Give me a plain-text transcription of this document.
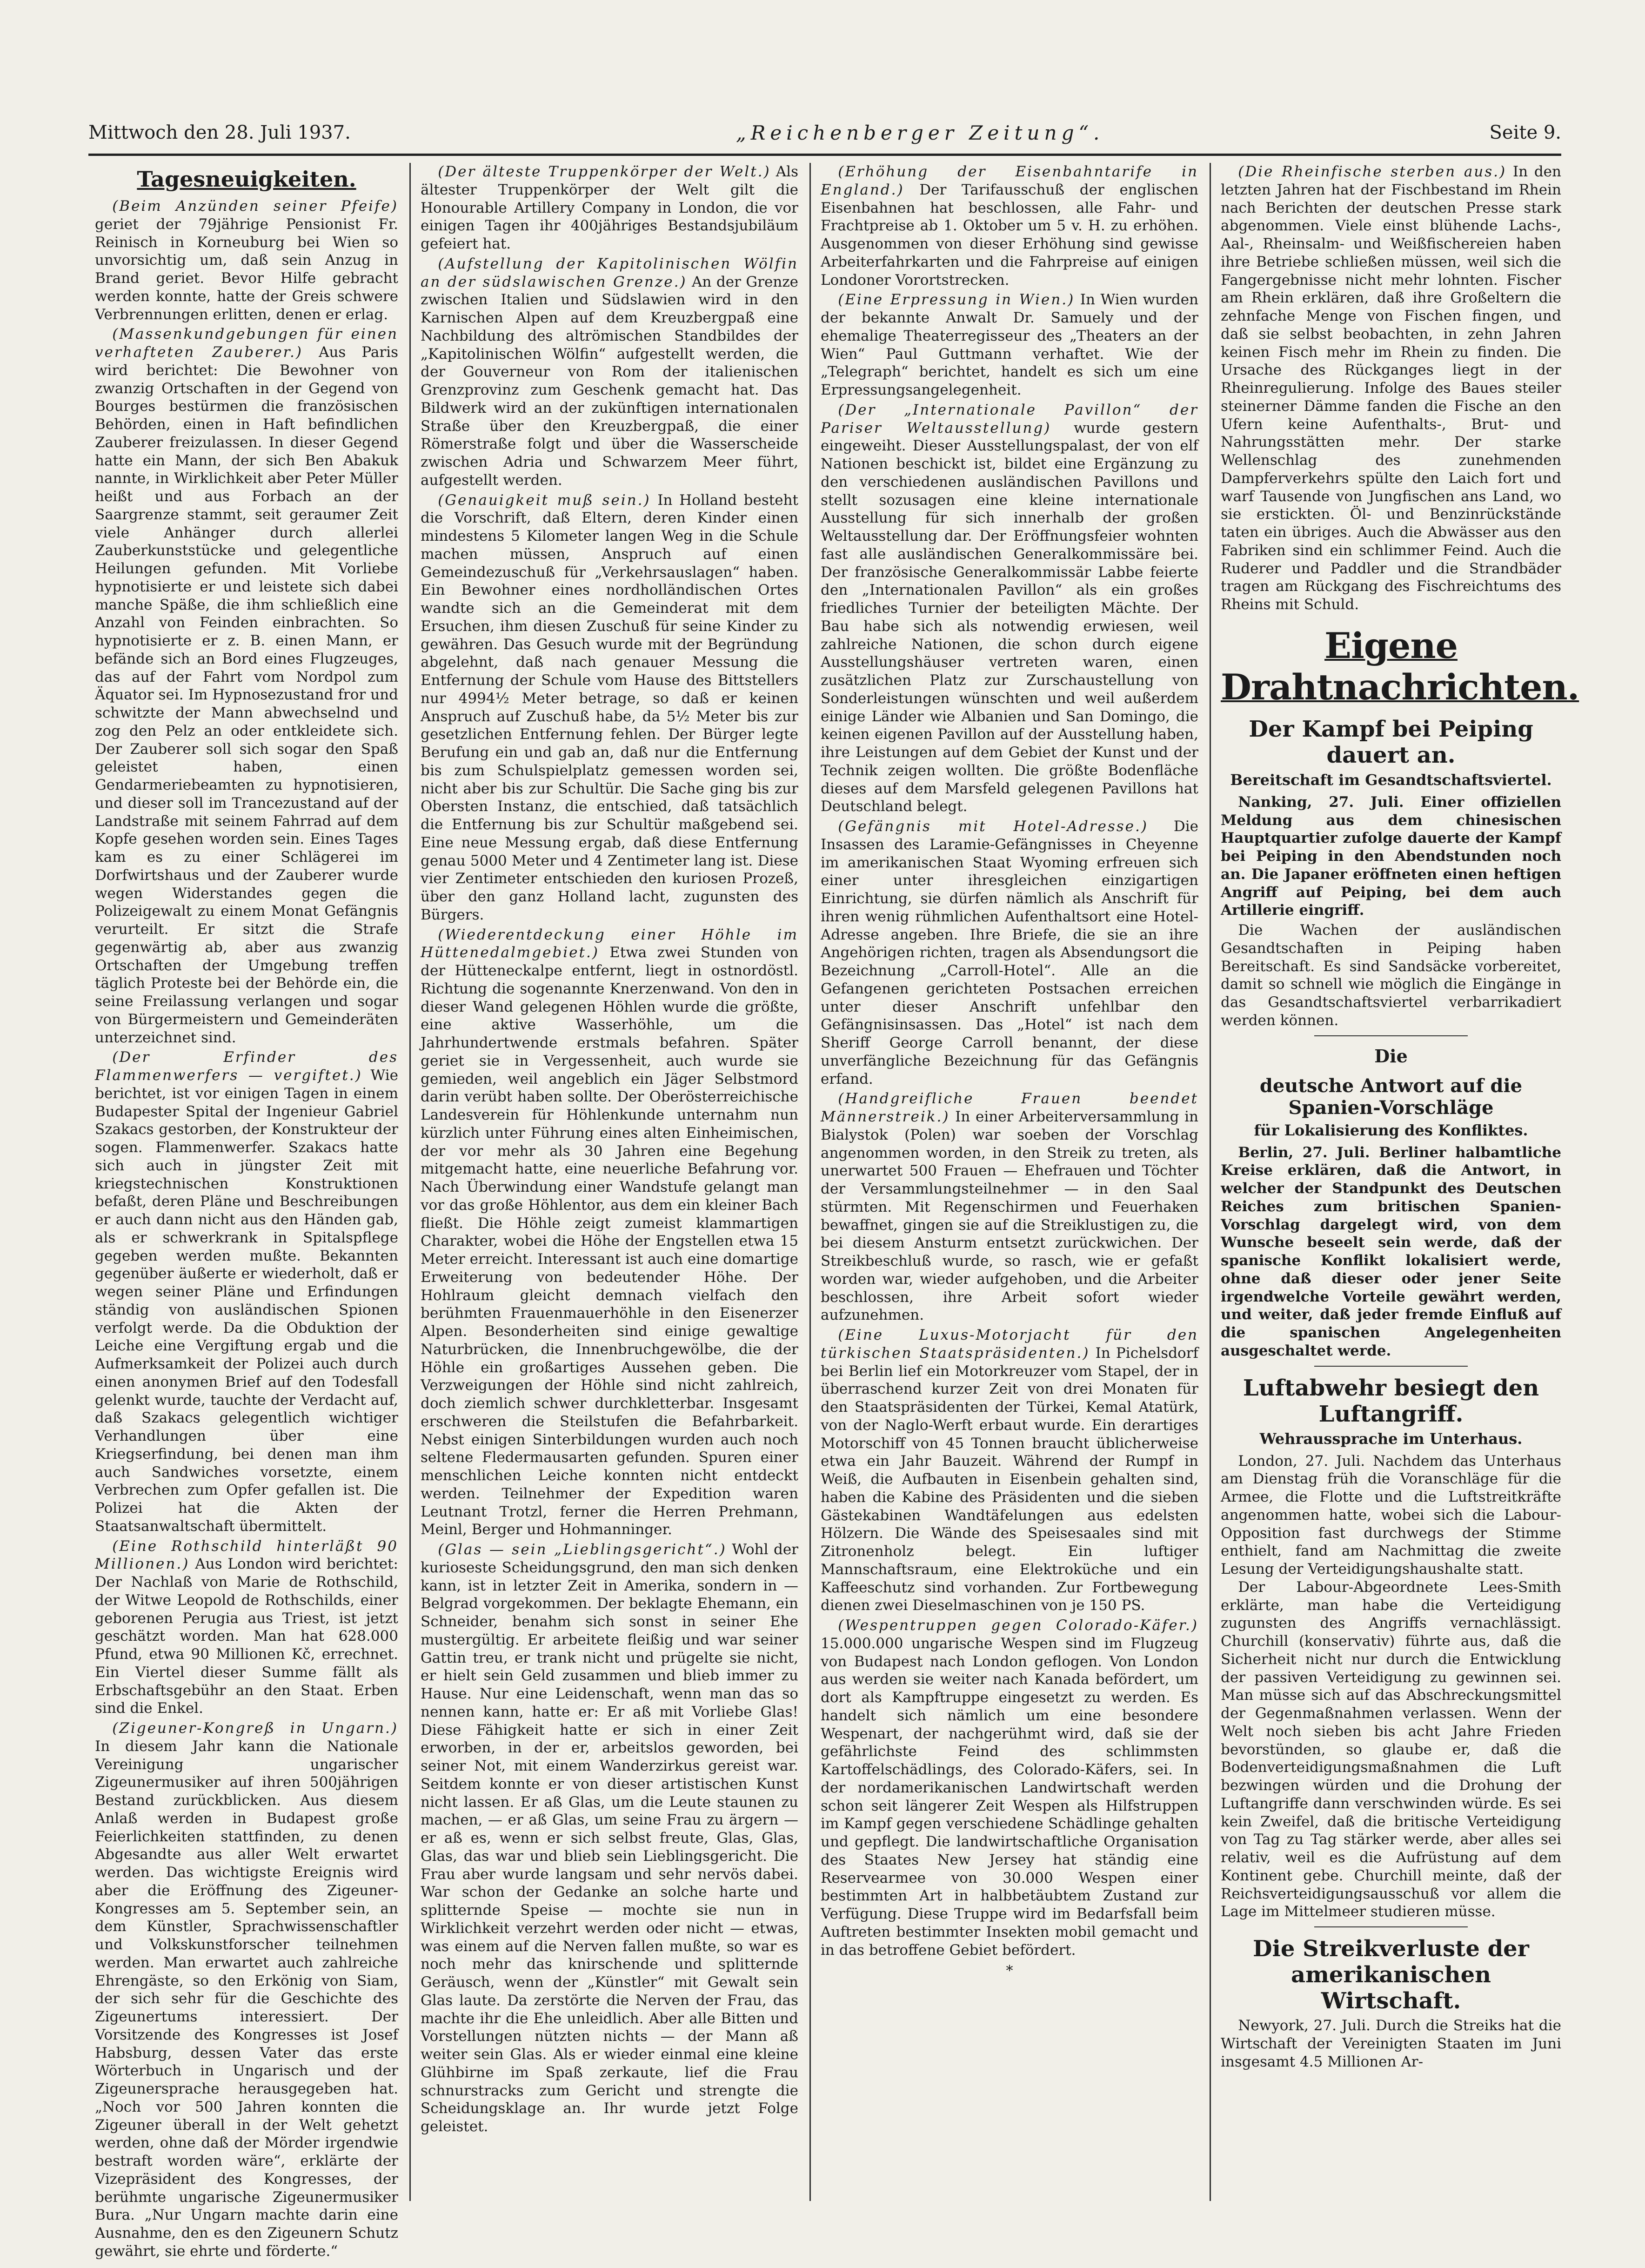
Mittwoch den 28. Juli 1937.	„Reichenberger Zeitung“.	Seite 9.
Tagesneuigkeiten.

(Beim Anzünden seiner Pfeife) geriet der 79jährige Pensionist Fr. Reinisch in Korneuburg bei Wien so unvorsichtig um, daß sein Anzug in Brand geriet. Bevor Hilfe gebracht werden konnte, hatte der Greis schwere Verbrennungen erlitten, denen er erlag.

(Massenkundgebungen für einen verhafteten Zauberer.) Aus Paris wird berichtet: Die Bewohner von zwanzig Ortschaften in der Gegend von Bourges bestürmen die französischen Behörden, einen in Haft befindlichen Zauberer freizulassen. In dieser Gegend hatte ein Mann, der sich Ben Abakuk nannte, in Wirklichkeit aber Peter Müller heißt und aus Forbach an der Saargrenze stammt, seit geraumer Zeit viele Anhänger durch allerlei Zauberkunststücke und gelegentliche Heilungen gefunden. Mit Vorliebe hypnotisierte er und leistete sich dabei manche Späße, die ihm schließlich eine Anzahl von Feinden einbrachten. So hypnotisierte er z. B. einen Mann, er befände sich an Bord eines Flugzeuges, das auf der Fahrt vom Nordpol zum Äquator sei. Im Hypnosezustand fror und schwitzte der Mann abwechselnd und zog den Pelz an oder entkleidete sich. Der Zauberer soll sich sogar den Spaß geleistet haben, einen Gendarmeriebeamten zu hypnotisieren, und dieser soll im Trancezustand auf der Landstraße mit seinem Fahrrad auf dem Kopfe gesehen worden sein. Eines Tages kam es zu einer Schlägerei im Dorfwirtshaus und der Zauberer wurde wegen Widerstandes gegen die Polizeigewalt zu einem Monat Gefängnis verurteilt. Er sitzt die Strafe gegenwärtig ab, aber aus zwanzig Ortschaften der Umgebung treffen täglich Proteste bei der Behörde ein, die seine Freilassung verlangen und sogar von Bürgermeistern und Gemeinderäten unterzeichnet sind.

(Der Erfinder des Flammenwerfers — vergiftet.) Wie berichtet, ist vor einigen Tagen in einem Budapester Spital der Ingenieur Gabriel Szakacs gestorben, der Konstrukteur der sogen. Flammenwerfer. Szakacs hatte sich auch in jüngster Zeit mit kriegstechnischen Konstruktionen befaßt, deren Pläne und Beschreibungen er auch dann nicht aus den Händen gab, als er schwerkrank in Spitalspflege gegeben werden mußte. Bekannten gegenüber äußerte er wiederholt, daß er wegen seiner Pläne und Erfindungen ständig von ausländischen Spionen verfolgt werde. Da die Obduktion der Leiche eine Vergiftung ergab und die Aufmerksamkeit der Polizei auch durch einen anonymen Brief auf den Todesfall gelenkt wurde, tauchte der Verdacht auf, daß Szakacs gelegentlich wichtiger Verhandlungen über eine Kriegserfindung, bei denen man ihm auch Sandwiches vorsetzte, einem Verbrechen zum Opfer gefallen ist. Die Polizei hat die Akten der Staatsanwaltschaft übermittelt.

(Eine Rothschild hinterläßt 90 Millionen.) Aus London wird berichtet: Der Nachlaß von Marie de Rothschild, der Witwe Leopold de Rothschilds, einer geborenen Perugia aus Triest, ist jetzt geschätzt worden. Man hat 628.000 Pfund, etwa 90 Millionen Kč, errechnet. Ein Viertel dieser Summe fällt als Erbschaftsgebühr an den Staat. Erben sind die Enkel.

(Zigeuner-Kongreß in Ungarn.) In diesem Jahr kann die Nationale Vereinigung ungarischer Zigeunermusiker auf ihren 500jährigen Bestand zurückblicken. Aus diesem Anlaß werden in Budapest große Feierlichkeiten stattfinden, zu denen Abgesandte aus aller Welt erwartet werden. Das wichtigste Ereignis wird aber die Eröffnung des Zigeuner-Kongresses am 5. September sein, an dem Künstler, Sprachwissenschaftler und Volkskunstforscher teilnehmen werden. Man erwartet auch zahlreiche Ehrengäste, so den Erkönig von Siam, der sich sehr für die Geschichte des Zigeunertums interessiert. Der Vorsitzende des Kongresses ist Josef Habsburg, dessen Vater das erste Wörterbuch in Ungarisch und der Zigeunersprache herausgegeben hat. „Noch vor 500 Jahren konnten die Zigeuner überall in der Welt gehetzt werden, ohne daß der Mörder irgendwie bestraft worden wäre“, erklärte der Vizepräsident des Kongresses, der berühmte ungarische Zigeunermusiker Bura. „Nur Ungarn machte darin eine Ausnahme, den es den Zigeunern Schutz gewährt, sie ehrte und förderte.“

(Der älteste Truppenkörper der Welt.) Als ältester Truppenkörper der Welt gilt die Honourable Artillery Company in London, die vor einigen Tagen ihr 400jähriges Bestandsjubiläum gefeiert hat.

(Aufstellung der Kapitolinischen Wölfin an der südslawischen Grenze.) An der Grenze zwischen Italien und Südslawien wird in den Karnischen Alpen auf dem Kreuzbergpaß eine Nachbildung des altrömischen Standbildes der „Kapitolinischen Wölfin“ aufgestellt werden, die der Gouverneur von Rom der italienischen Grenzprovinz zum Geschenk gemacht hat. Das Bildwerk wird an der zukünftigen internationalen Straße über den Kreuzbergpaß, die einer Römerstraße folgt und über die Wasserscheide zwischen Adria und Schwarzem Meer führt, aufgestellt werden.

(Genauigkeit muß sein.) In Holland besteht die Vorschrift, daß Eltern, deren Kinder einen mindestens 5 Kilometer langen Weg in die Schule machen müssen, Anspruch auf einen Gemeindezuschuß für „Verkehrsauslagen“ haben. Ein Bewohner eines nordholländischen Ortes wandte sich an die Gemeinderat mit dem Ersuchen, ihm diesen Zuschuß für seine Kinder zu gewähren. Das Gesuch wurde mit der Begründung abgelehnt, daß nach genauer Messung die Entfernung der Schule vom Hause des Bittstellers nur 4994½ Meter betrage, so daß er keinen Anspruch auf Zuschuß habe, da 5½ Meter bis zur gesetzlichen Entfernung fehlen. Der Bürger legte Berufung ein und gab an, daß nur die Entfernung bis zum Schulspielplatz gemessen worden sei, nicht aber bis zur Schultür. Die Sache ging bis zur Obersten Instanz, die entschied, daß tatsächlich die Entfernung bis zur Schultür maßgebend sei. Eine neue Messung ergab, daß diese Entfernung genau 5000 Meter und 4 Zentimeter lang ist. Diese vier Zentimeter entschieden den kuriosen Prozeß, über den ganz Holland lacht, zugunsten des Bürgers.

(Wiederentdeckung einer Höhle im Hüttenedalmgebiet.) Etwa zwei Stunden von der Hütteneckalpe entfernt, liegt in ostnordöstl. Richtung die sogenannte Knerzenwand. Von den in dieser Wand gelegenen Höhlen wurde die größte, eine aktive Wasserhöhle, um die Jahrhundertwende erstmals befahren. Später geriet sie in Vergessenheit, auch wurde sie gemieden, weil angeblich ein Jäger Selbstmord darin verübt haben sollte. Der Oberösterreichische Landesverein für Höhlenkunde unternahm nun kürzlich unter Führung eines alten Einheimischen, der vor mehr als 30 Jahren eine Begehung mitgemacht hatte, eine neuerliche Befahrung vor. Nach Überwindung einer Wandstufe gelangt man vor das große Höhlentor, aus dem ein kleiner Bach fließt. Die Höhle zeigt zumeist klammartigen Charakter, wobei die Höhe der Engstellen etwa 15 Meter erreicht. Interessant ist auch eine domartige Erweiterung von bedeutender Höhe. Der Hohlraum gleicht demnach vielfach den berühmten Frauenmauerhöhle in den Eisenerzer Alpen. Besonderheiten sind einige gewaltige Naturbrücken, die Innenbruchgewölbe, die der Höhle ein großartiges Aussehen geben. Die Verzweigungen der Höhle sind nicht zahlreich, doch ziemlich schwer durchkletterbar. Insgesamt erschweren die Steilstufen die Befahrbarkeit. Nebst einigen Sinterbildungen wurden auch noch seltene Fledermausarten gefunden. Spuren einer menschlichen Leiche konnten nicht entdeckt werden. Teilnehmer der Expedition waren Leutnant Trotzl, ferner die Herren Prehmann, Meinl, Berger und Hohmanninger.

(Glas — sein „Lieblingsgericht“.) Wohl der kurioseste Scheidungsgrund, den man sich denken kann, ist in letzter Zeit in Amerika, sondern in — Belgrad vorgekommen. Der beklagte Ehemann, ein Schneider, benahm sich sonst in seiner Ehe mustergültig. Er arbeitete fleißig und war seiner Gattin treu, er trank nicht und prügelte sie nicht, er hielt sein Geld zusammen und blieb immer zu Hause. Nur eine Leidenschaft, wenn man das so nennen kann, hatte er: Er aß mit Vorliebe Glas! Diese Fähigkeit hatte er sich in einer Zeit erworben, in der er, arbeitslos geworden, bei seiner Not, mit einem Wanderzirkus gereist war. Seitdem konnte er von dieser artistischen Kunst nicht lassen. Er aß Glas, um die Leute staunen zu machen, — er aß Glas, um seine Frau zu ärgern — er aß es, wenn er sich selbst freute, Glas, Glas, Glas, das war und blieb sein Lieblingsgericht. Die Frau aber wurde langsam und sehr nervös dabei. War schon der Gedanke an solche harte und splitternde Speise — mochte sie nun in Wirklichkeit verzehrt werden oder nicht — etwas, was einem auf die Nerven fallen mußte, so war es noch mehr das knirschende und splitternde Geräusch, wenn der „Künstler“ mit Gewalt sein Glas laute. Da zerstörte die Nerven der Frau, das machte ihr die Ehe unleidlich. Aber alle Bitten und Vorstellungen nützten nichts — der Mann aß weiter sein Glas. Als er wieder einmal eine kleine Glühbirne im Spaß zerkaute, lief die Frau schnurstracks zum Gericht und strengte die Scheidungsklage an. Ihr wurde jetzt Folge geleistet.

(Erhöhung der Eisenbahntarife in England.) Der Tarifausschuß der englischen Eisenbahnen hat beschlossen, alle Fahr- und Frachtpreise ab 1. Oktober um 5 v. H. zu erhöhen. Ausgenommen von dieser Erhöhung sind gewisse Arbeiterfahrkarten und die Fahrpreise auf einigen Londoner Vorortstrecken.

(Eine Erpressung in Wien.) In Wien wurden der bekannte Anwalt Dr. Samuely und der ehemalige Theaterregisseur des „Theaters an der Wien“ Paul Guttmann verhaftet. Wie der „Telegraph“ berichtet, handelt es sich um eine Erpressungsangelegenheit.

(Der „Internationale Pavillon“ der Pariser Weltausstellung) wurde gestern eingeweiht. Dieser Ausstellungspalast, der von elf Nationen beschickt ist, bildet eine Ergänzung zu den verschiedenen ausländischen Pavillons und stellt sozusagen eine kleine internationale Ausstellung für sich innerhalb der großen Weltausstellung dar. Der Eröffnungsfeier wohnten fast alle ausländischen Generalkommissäre bei. Der französische Generalkommissär Labbe feierte den „Internationalen Pavillon“ als ein großes friedliches Turnier der beteiligten Mächte. Der Bau habe sich als notwendig erwiesen, weil zahlreiche Nationen, die schon durch eigene Ausstellungshäuser vertreten waren, einen zusätzlichen Platz zur Zurschaustellung von Sonderleistungen wünschten und weil außerdem einige Länder wie Albanien und San Domingo, die keinen eigenen Pavillon auf der Ausstellung haben, ihre Leistungen auf dem Gebiet der Kunst und der Technik zeigen wollten. Die größte Bodenfläche dieses auf dem Marsfeld gelegenen Pavillons hat Deutschland belegt.

(Gefängnis mit Hotel-Adresse.) Die Insassen des Laramie-Gefängnisses in Cheyenne im amerikanischen Staat Wyoming erfreuen sich einer unter ihresgleichen einzigartigen Einrichtung, sie dürfen nämlich als Anschrift für ihren wenig rühmlichen Aufenthaltsort eine Hotel-Adresse angeben. Ihre Briefe, die sie an ihre Angehörigen richten, tragen als Absendungsort die Bezeichnung „Carroll-Hotel“. Alle an die Gefangenen gerichteten Postsachen erreichen unter dieser Anschrift unfehlbar den Gefängnisinsassen. Das „Hotel“ ist nach dem Sheriff George Carroll benannt, der diese unverfängliche Bezeichnung für das Gefängnis erfand.

(Handgreifliche Frauen beendet Männerstreik.) In einer Arbeiterversammlung in Bialystok (Polen) war soeben der Vorschlag angenommen worden, in den Streik zu treten, als unerwartet 500 Frauen — Ehefrauen und Töchter der Versammlungsteilnehmer — in den Saal stürmten. Mit Regenschirmen und Feuerhaken bewaffnet, gingen sie auf die Streiklustigen zu, die bei diesem Ansturm entsetzt zurückwichen. Der Streikbeschluß wurde, so rasch, wie er gefaßt worden war, wieder aufgehoben, und die Arbeiter beschlossen, ihre Arbeit sofort wieder aufzunehmen.

(Eine Luxus-Motorjacht für den türkischen Staatspräsidenten.) In Pichelsdorf bei Berlin lief ein Motorkreuzer vom Stapel, der in überraschend kurzer Zeit von drei Monaten für den Staatspräsidenten der Türkei, Kemal Atatürk, von der Naglo-Werft erbaut wurde. Ein derartiges Motorschiff von 45 Tonnen braucht üblicherweise etwa ein Jahr Bauzeit. Während der Rumpf in Weiß, die Aufbauten in Eisenbein gehalten sind, haben die Kabine des Präsidenten und die sieben Gästekabinen Wandtäfelungen aus edelsten Hölzern. Die Wände des Speisesaales sind mit Zitronenholz belegt. Ein luftiger Mannschaftsraum, eine Elektroküche und ein Kaffeeschutz sind vorhanden. Zur Fortbewegung dienen zwei Dieselmaschinen von je 150 PS.

(Wespentruppen gegen Colorado-Käfer.) 15.000.000 ungarische Wespen sind im Flugzeug von Budapest nach London geflogen. Von London aus werden sie weiter nach Kanada befördert, um dort als Kampftruppe eingesetzt zu werden. Es handelt sich nämlich um eine besondere Wespenart, der nachgerühmt wird, daß sie der gefährlichste Feind des schlimmsten Kartoffelschädlings, des Colorado-Käfers, sei. In der nordamerikanischen Landwirtschaft werden schon seit längerer Zeit Wespen als Hilfstruppen im Kampf gegen verschiedene Schädlinge gehalten und gepflegt. Die landwirtschaftliche Organisation des Staates New Jersey hat ständig eine Reservearmee von 30.000 Wespen einer bestimmten Art in halbbetäubtem Zustand zur Verfügung. Diese Truppe wird im Bedarfsfall beim Auftreten bestimmter Insekten mobil gemacht und in das betroffene Gebiet befördert.

*

(Die Rheinfische sterben aus.) In den letzten Jahren hat der Fischbestand im Rhein nach Berichten der deutschen Presse stark abgenommen. Viele einst blühende Lachs-, Aal-, Rheinsalm- und Weißfischereien haben ihre Betriebe schließen müssen, weil sich die Fangergebnisse nicht mehr lohnten. Fischer am Rhein erklären, daß ihre Großeltern die zehnfache Menge von Fischen fingen, und daß sie selbst beobachten, in zehn Jahren keinen Fisch mehr im Rhein zu finden. Die Ursache des Rückganges liegt in der Rheinregulierung. Infolge des Baues steiler steinerner Dämme fanden die Fische an den Ufern keine Aufenthalts-, Brut- und Nahrungsstätten mehr. Der starke Wellenschlag des zunehmenden Dampferverkehrs spülte den Laich fort und warf Tausende von Jungfischen ans Land, wo sie erstickten. Öl- und Benzinrückstände taten ein übriges. Auch die Abwässer aus den Fabriken sind ein schlimmer Feind. Auch die Ruderer und Paddler und die Strandbäder tragen am Rückgang des Fischreichtums des Rheins mit Schuld.

Eigene Drahtnachrichten.
Der Kampf bei Peiping dauert an.
Bereitschaft im Gesandtschaftsviertel.

Nanking, 27. Juli. Einer offiziellen Meldung aus dem chinesischen Hauptquartier zufolge dauerte der Kampf bei Peiping in den Abendstunden noch an. Die Japaner eröffneten einen heftigen Angriff auf Peiping, bei dem auch Artillerie eingriff.

Die Wachen der ausländischen Gesandtschaften in Peiping haben Bereitschaft. Es sind Sandsäcke vorbereitet, damit so schnell wie möglich die Eingänge in das Gesandtschaftsviertel verbarrikadiert werden können.

Die
deutsche Antwort auf die Spanien-Vorschläge
für Lokalisierung des Konfliktes.

Berlin, 27. Juli. Berliner halbamtliche Kreise erklären, daß die Antwort, in welcher der Standpunkt des Deutschen Reiches zum britischen Spanien-Vorschlag dargelegt wird, von dem Wunsche beseelt sein werde, daß der spanische Konflikt lokalisiert werde, ohne daß dieser oder jener Seite irgendwelche Vorteile gewährt werden, und weiter, daß jeder fremde Einfluß auf die spanischen Angelegenheiten ausgeschaltet werde.

Luftabwehr besiegt den Luftangriff.
Wehraussprache im Unterhaus.

London, 27. Juli. Nachdem das Unterhaus am Dienstag früh die Voranschläge für die Armee, die Flotte und die Luftstreitkräfte angenommen hatte, wobei sich die Labour-Opposition fast durchwegs der Stimme enthielt, fand am Nachmittag die zweite Lesung der Verteidigungshaushalte statt.

Der Labour-Abgeordnete Lees-Smith erklärte, man habe die Verteidigung zugunsten des Angriffs vernachlässigt. Churchill (konservativ) führte aus, daß die Sicherheit nicht nur durch die Entwicklung der passiven Verteidigung zu gewinnen sei. Man müsse sich auf das Abschreckungsmittel der Gegenmaßnahmen verlassen. Wenn der Welt noch sieben bis acht Jahre Frieden bevorstünden, so glaube er, daß die Bodenverteidigungsmaßnahmen die Luft bezwingen würden und die Drohung der Luftangriffe dann verschwinden würde. Es sei kein Zweifel, daß die britische Verteidigung von Tag zu Tag stärker werde, aber alles sei relativ, weil es die Aufrüstung auf dem Kontinent gebe. Churchill meinte, daß der Reichsverteidigungsausschuß vor allem die Lage im Mittelmeer studieren müsse.

Die Streikverluste der amerikanischen Wirtschaft.

Newyork, 27. Juli. Durch die Streiks hat die Wirtschaft der Vereinigten Staaten im Juni insgesamt 4.5 Millionen Ar-
